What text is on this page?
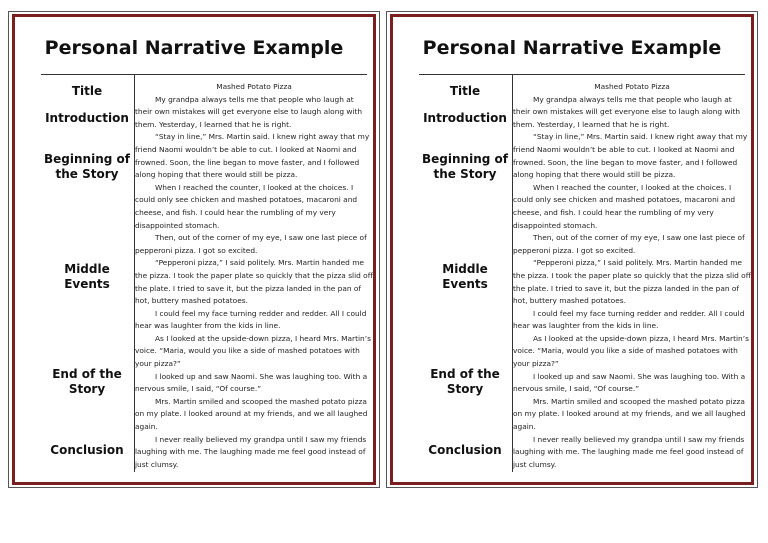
Personal Narrative Example
Title
Introduction
Beginning of the Story
Middle Events
End of the Story
Conclusion

Mashed Potato Pizza

My grandpa always tells me that people who laugh at their own mistakes will get everyone else to laugh along with them. Yesterday, I learned that he is right.

“Stay in line,” Mrs. Martin said. I knew right away that my friend Naomi wouldn’t be able to cut. I looked at Naomi and frowned. Soon, the line began to move faster, and I followed along hoping that there would still be pizza.

When I reached the counter, I looked at the choices. I could only see chicken and mashed potatoes, macaroni and cheese, and fish. I could hear the rumbling of my very disappointed stomach.

Then, out of the corner of my eye, I saw one last piece of pepperoni pizza. I got so excited.

“Pepperoni pizza,” I said politely. Mrs. Martin handed me the pizza. I took the paper plate so quickly that the pizza slid off the plate. I tried to save it, but the pizza landed in the pan of hot, buttery mashed potatoes.

I could feel my face turning redder and redder. All I could hear was laughter from the kids in line.

As I looked at the upside-down pizza, I heard Mrs. Martin’s voice. “Maria, would you like a side of mashed potatoes with your pizza?”

I looked up and saw Naomi. She was laughing too. With a nervous smile, I said, “Of course.”

Mrs. Martin smiled and scooped the mashed potato pizza on my plate. I looked around at my friends, and we all laughed again.

I never really believed my grandpa until I saw my friends laughing with me. The laughing made me feel good instead of just clumsy.

Personal Narrative Example
Title
Introduction
Beginning of the Story
Middle Events
End of the Story
Conclusion

Mashed Potato Pizza

My grandpa always tells me that people who laugh at their own mistakes will get everyone else to laugh along with them. Yesterday, I learned that he is right.

“Stay in line,” Mrs. Martin said. I knew right away that my friend Naomi wouldn’t be able to cut. I looked at Naomi and frowned. Soon, the line began to move faster, and I followed along hoping that there would still be pizza.

When I reached the counter, I looked at the choices. I could only see chicken and mashed potatoes, macaroni and cheese, and fish. I could hear the rumbling of my very disappointed stomach.

Then, out of the corner of my eye, I saw one last piece of pepperoni pizza. I got so excited.

“Pepperoni pizza,” I said politely. Mrs. Martin handed me the pizza. I took the paper plate so quickly that the pizza slid off the plate. I tried to save it, but the pizza landed in the pan of hot, buttery mashed potatoes.

I could feel my face turning redder and redder. All I could hear was laughter from the kids in line.

As I looked at the upside-down pizza, I heard Mrs. Martin’s voice. “Maria, would you like a side of mashed potatoes with your pizza?”

I looked up and saw Naomi. She was laughing too. With a nervous smile, I said, “Of course.”

Mrs. Martin smiled and scooped the mashed potato pizza on my plate. I looked around at my friends, and we all laughed again.

I never really believed my grandpa until I saw my friends laughing with me. The laughing made me feel good instead of just clumsy.
